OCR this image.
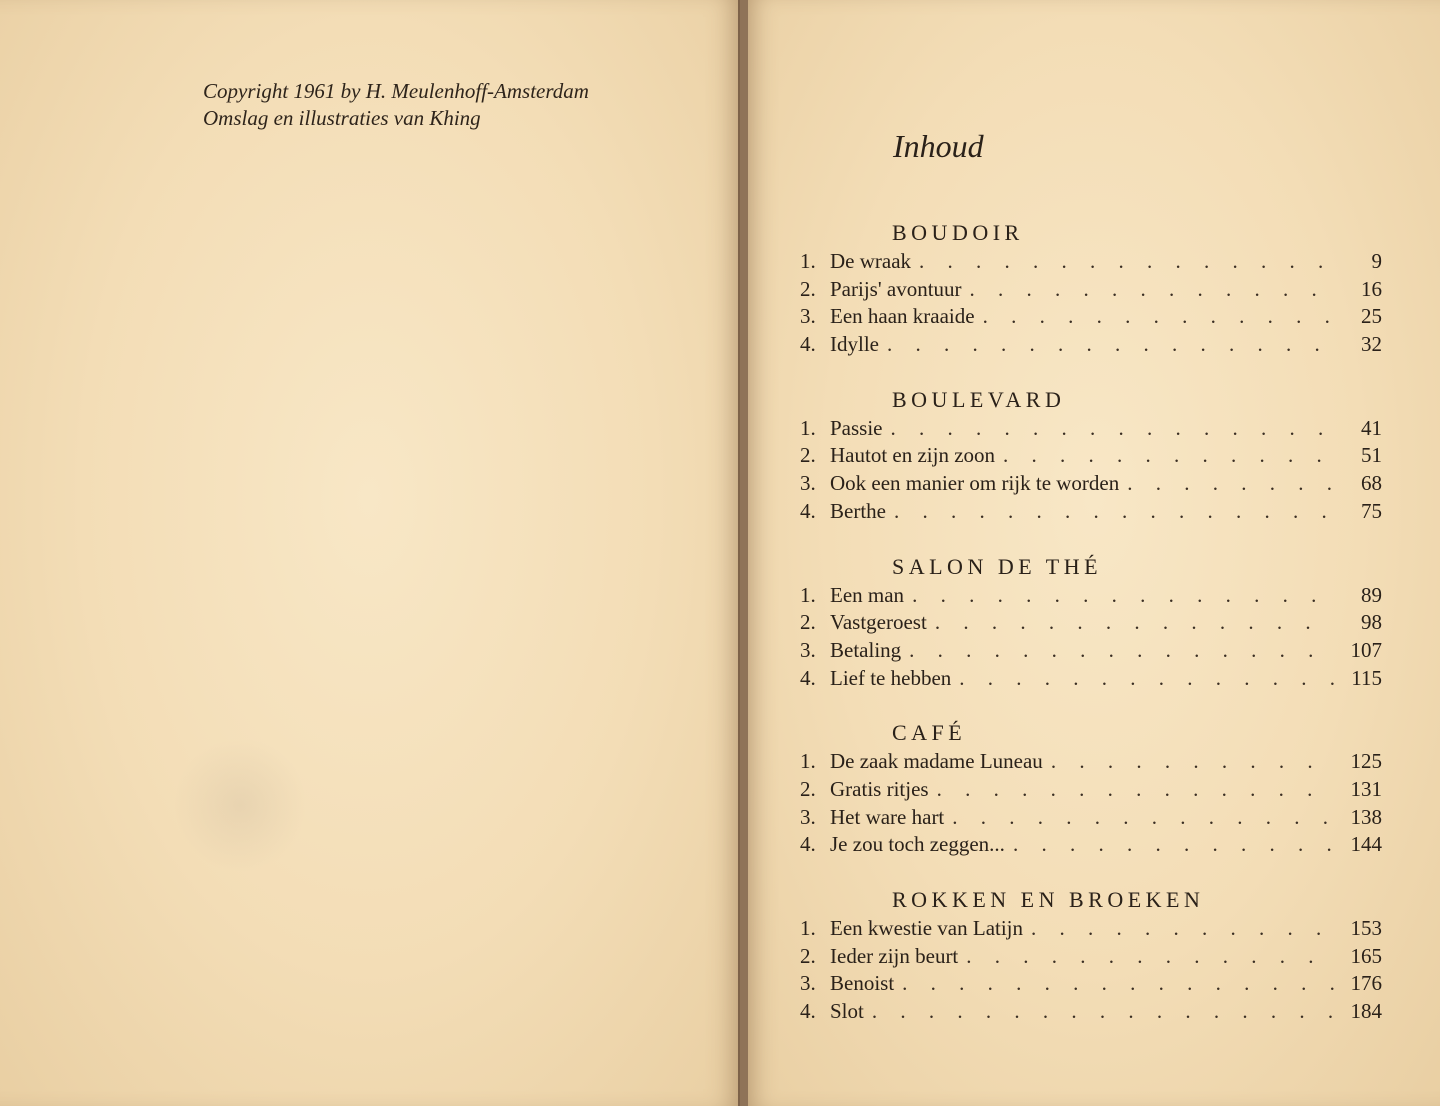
Copyright 1961 by H. Meulenhoff-Amsterdam
Omslag en illustraties van Khing
Inhoud
BOUDOIR
1. De wraak . . .	9
2. Parijs' avontuur . . .	16
3. Een haan kraaide . . .	25
4. Idylle . . .	32
BOULEVARD
1. Passie . . .	41
2. Hautot en zijn zoon . . .	51
3. Ook een manier om rijk te worden . . .	68
4. Berthe . . .	75
SALON DE THÉ
1. Een man . . .	89
2. Vastgeroest . . .	98
3. Betaling . . .	107
4. Lief te hebben . . .	115
CAFÉ
1. De zaak madame Luneau . . .	125
2. Gratis ritjes . . .	131
3. Het ware hart . . .	138
4. Je zou toch zeggen... . . .	144
ROKKEN EN BROEKEN
1. Een kwestie van Latijn . . .	153
2. Ieder zijn beurt . . .	165
3. Benoist . . .	176
4. Slot . . .	184
